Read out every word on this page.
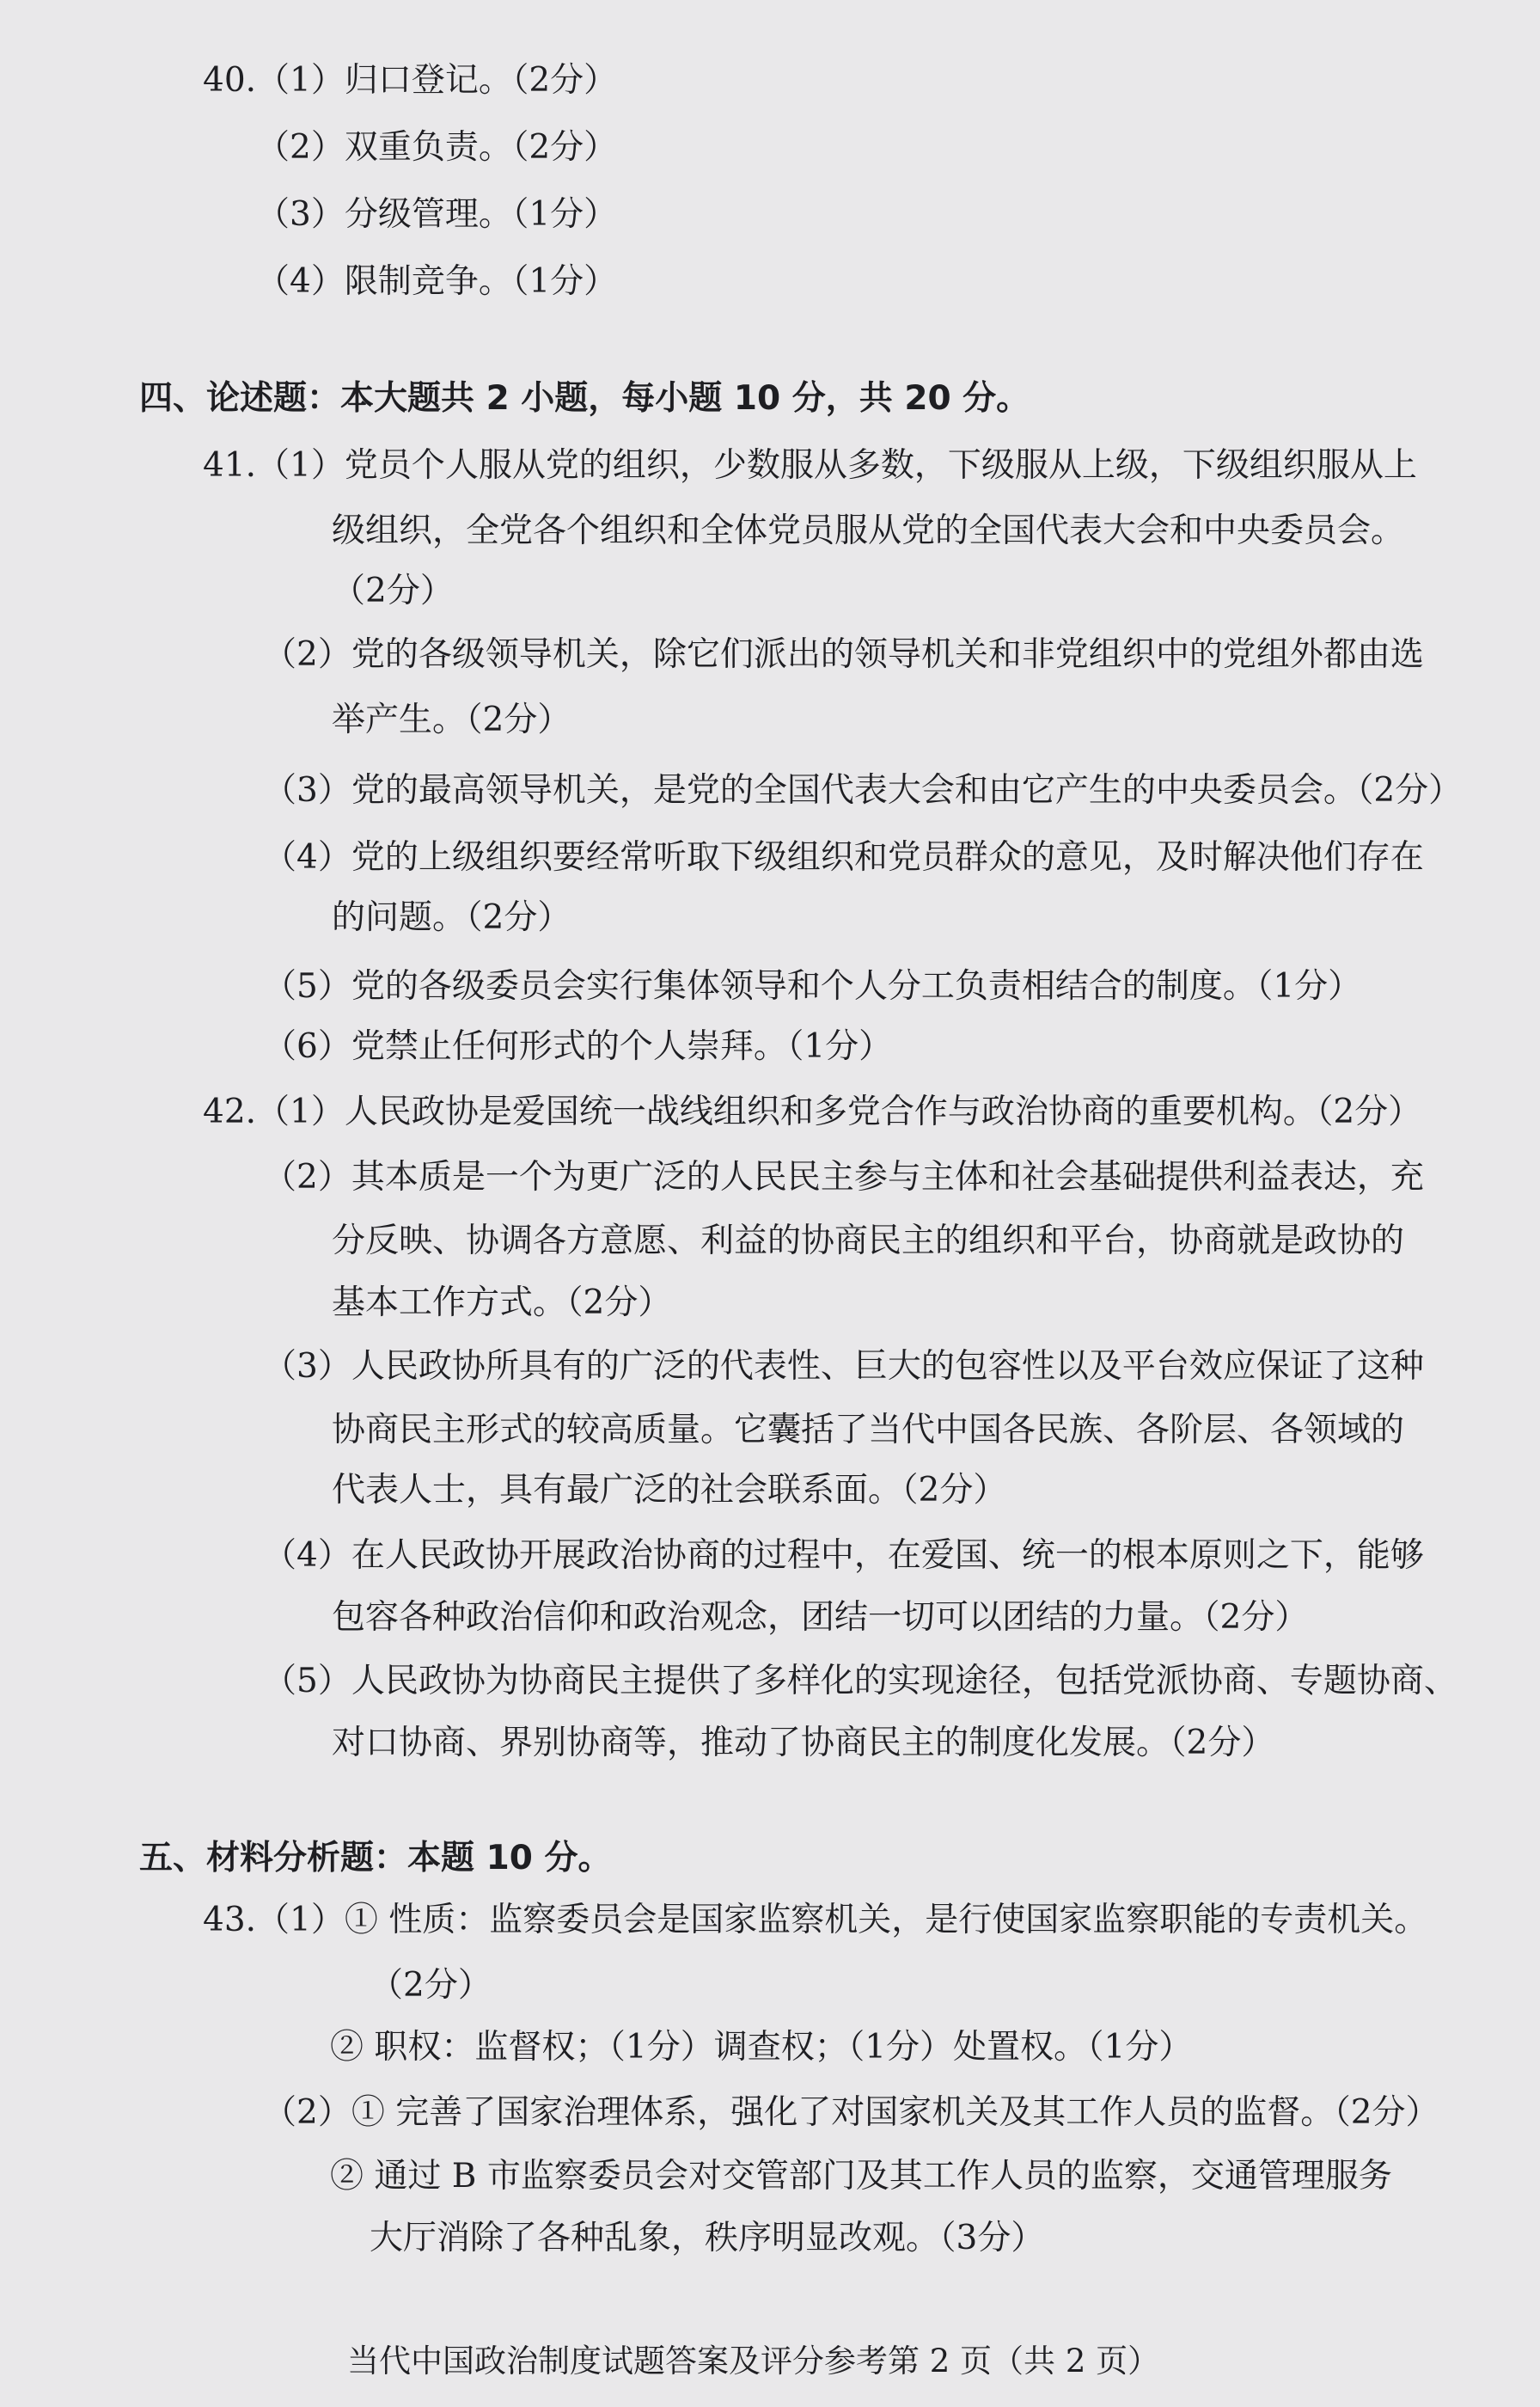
40.（1）归口登记。（2分）
（2）双重负责。（2分）
（3）分级管理。（1分）
（4）限制竞争。（1分）
四、论述题：本大题共 2 小题，每小题 10 分，共 20 分。
41.（1）党员个人服从党的组织，少数服从多数，下级服从上级，下级组织服从上
级组织，全党各个组织和全体党员服从党的全国代表大会和中央委员会。
（2分）
（2）党的各级领导机关，除它们派出的领导机关和非党组织中的党组外都由选
举产生。（2分）
（3）党的最高领导机关，是党的全国代表大会和由它产生的中央委员会。（2分）
（4）党的上级组织要经常听取下级组织和党员群众的意见，及时解决他们存在
的问题。（2分）
（5）党的各级委员会实行集体领导和个人分工负责相结合的制度。（1分）
（6）党禁止任何形式的个人崇拜。（1分）
42.（1）人民政协是爱国统一战线组织和多党合作与政治协商的重要机构。（2分）
（2）其本质是一个为更广泛的人民民主参与主体和社会基础提供利益表达，充
分反映、协调各方意愿、利益的协商民主的组织和平台，协商就是政协的
基本工作方式。（2分）
（3）人民政协所具有的广泛的代表性、巨大的包容性以及平台效应保证了这种
协商民主形式的较高质量。它囊括了当代中国各民族、各阶层、各领域的
代表人士，具有最广泛的社会联系面。（2分）
（4）在人民政协开展政治协商的过程中，在爱国、统一的根本原则之下，能够
包容各种政治信仰和政治观念，团结一切可以团结的力量。（2分）
（5）人民政协为协商民主提供了多样化的实现途径，包括党派协商、专题协商、
对口协商、界别协商等，推动了协商民主的制度化发展。（2分）
五、材料分析题：本题 10 分。
43.（1）① 性质：监察委员会是国家监察机关，是行使国家监察职能的专责机关。
（2分）
② 职权：监督权；（1分）调查权；（1分）处置权。（1分）
（2）① 完善了国家治理体系，强化了对国家机关及其工作人员的监督。（2分）
② 通过 B 市监察委员会对交管部门及其工作人员的监察，交通管理服务
大厅消除了各种乱象，秩序明显改观。（3分）
当代中国政治制度试题答案及评分参考第 2 页（共 2 页）
